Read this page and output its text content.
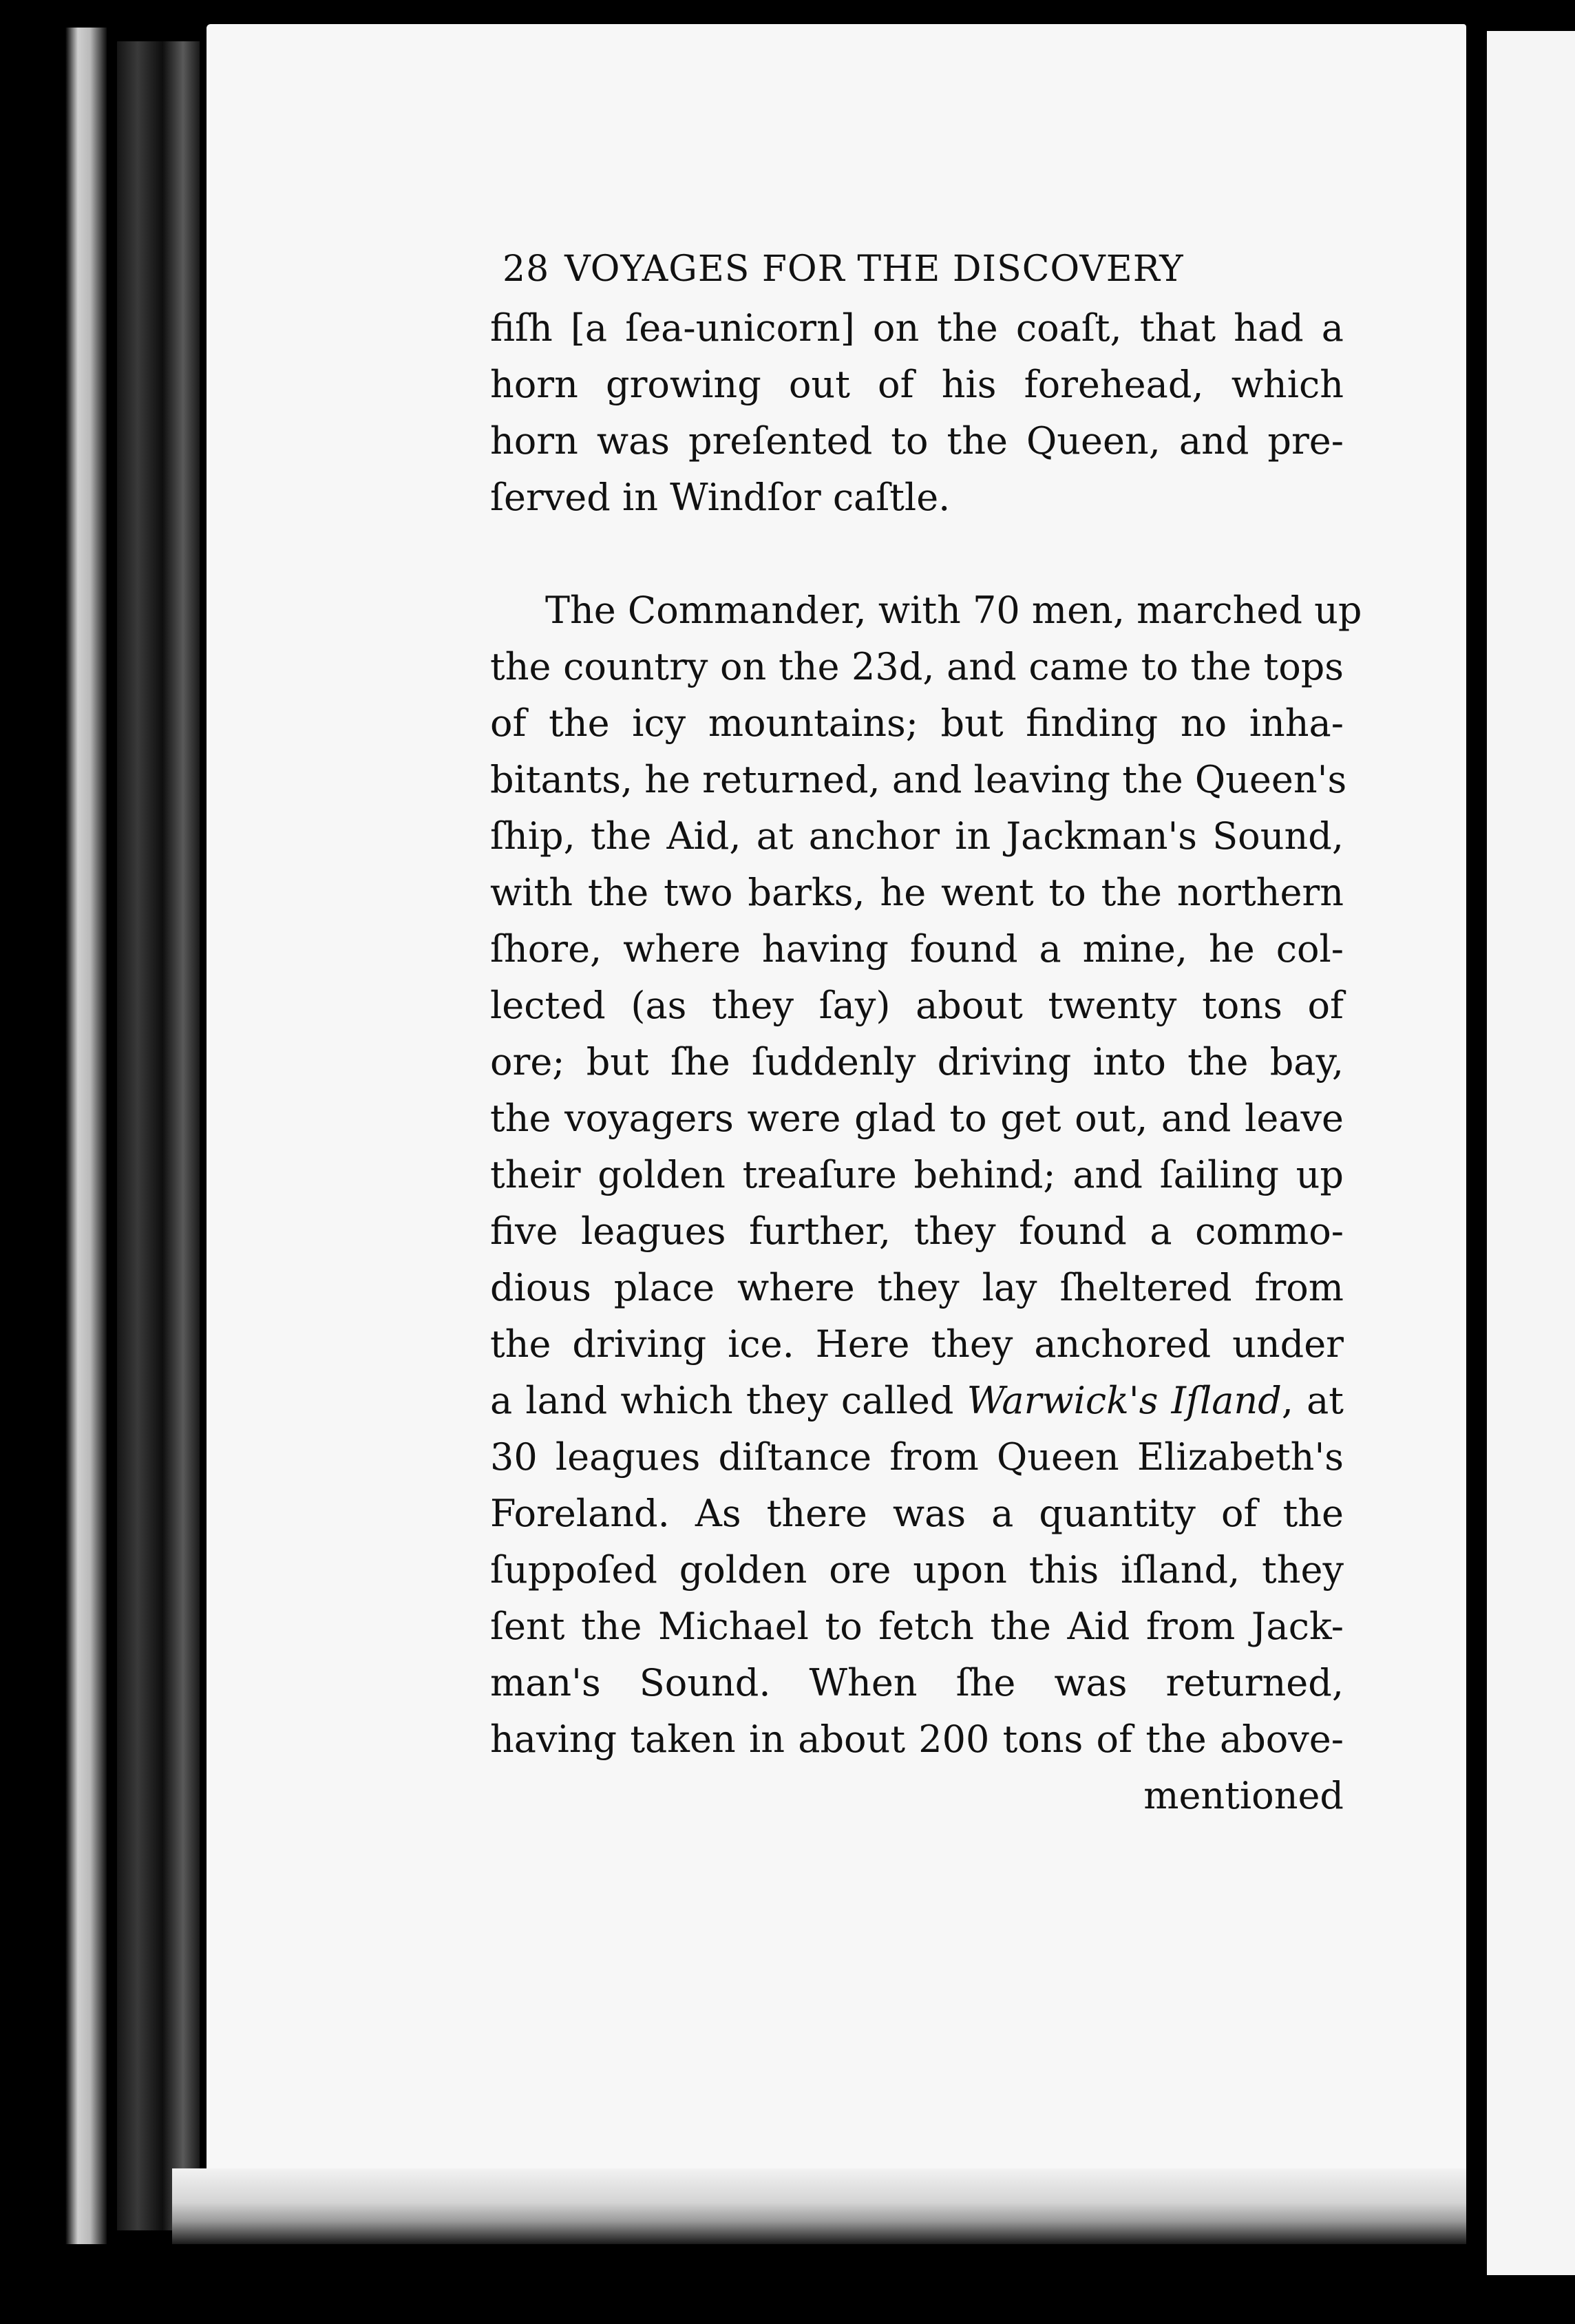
28 VOYAGES FOR THE DISCOVERY
fiſh [a ſea-unicorn] on the coaſt, that had a
horn growing out of his forehead, which
horn was preſented to the Queen, and pre-
ſerved in Windſor caſtle.
The Commander, with 70 men, marched up
the country on the 23d, and came to the tops
of the icy mountains; but finding no inha-
bitants, he returned, and leaving the Queen's
ſhip, the Aid, at anchor in Jackman's Sound,
with the two barks, he went to the northern
ſhore, where having found a mine, he col-
lected (as they ſay) about twenty tons of
ore; but ſhe ſuddenly driving into the bay,
the voyagers were glad to get out, and leave
their golden treaſure behind; and ſailing up
five leagues further, they found a commo-
dious place where they lay ſheltered from
the driving ice. Here they anchored under
a land which they called Warwick's Iſland, at
30 leagues diſtance from Queen Elizabeth's
Foreland. As there was a quantity of the
ſuppoſed golden ore upon this iſland, they
ſent the Michael to fetch the Aid from Jack-
man's Sound. When ſhe was returned,
having taken in about 200 tons of the above-
mentioned
